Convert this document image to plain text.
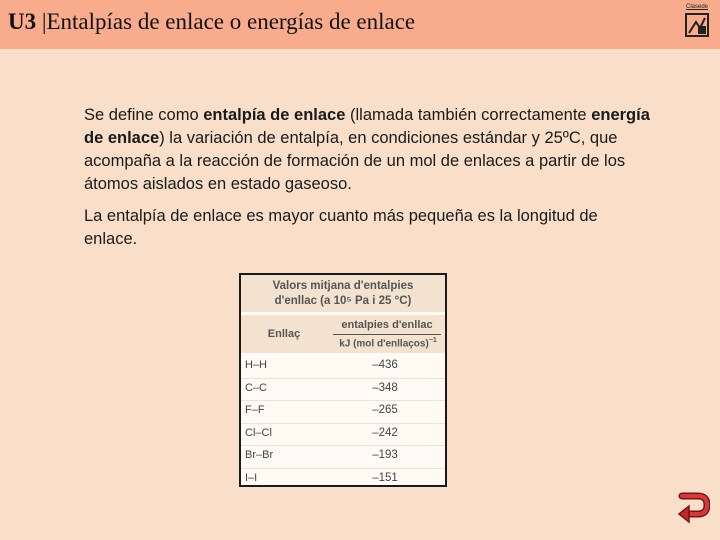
U3 |Entalpías de enlace o energías de enlace
Clasede

Se define como entalpía de enlace (llamada también correctamente energía de enlace) la variación de entalpía, en condiciones estándar y 25ºC, que acompaña a la reacción de formación de un mol de enlaces a partir de los átomos aislados en estado gaseoso.

La entalpía de enlace es mayor cuanto más pequeña es la longitud de enlace.

Valors mitjana d'entalpies
d'enllac (a 10⁵ Pa i 25 °C)
Enllaç
entalpies d'enllac
kJ (mol d'enllaços)$^{-1}$
H–H	–436
C–C	–348
F–F	–265
Cl–Cl	–242
Br–Br	–193
I–I	–151
